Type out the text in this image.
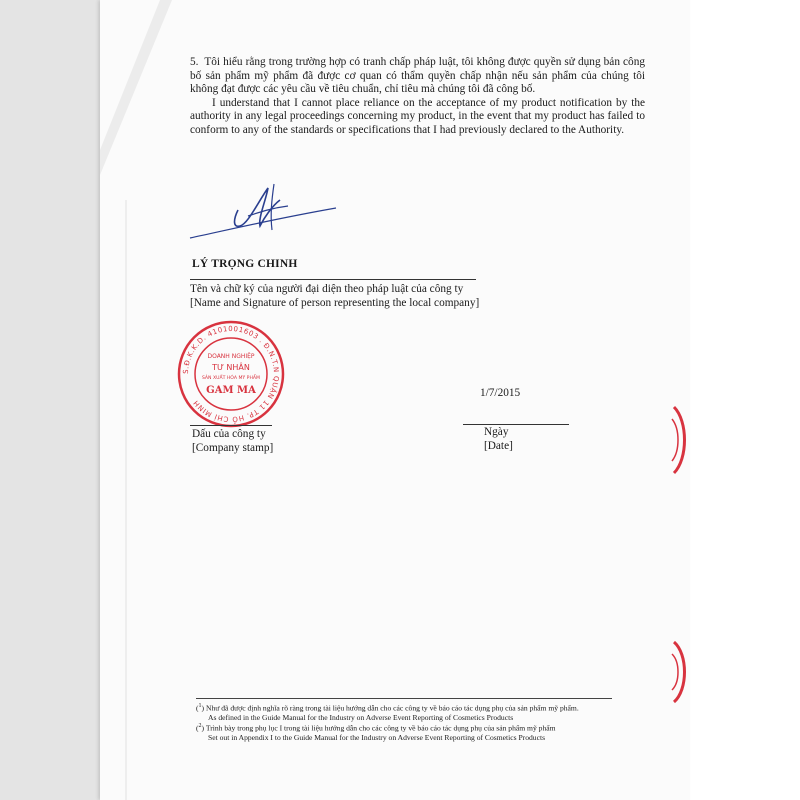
5. Tôi hiểu rằng trong trường hợp có tranh chấp pháp luật, tôi không được quyền sử dụng bản công bố sản phẩm mỹ phẩm đã được cơ quan có thẩm quyền chấp nhận nếu sản phẩm của chúng tôi không đạt được các yêu cầu về tiêu chuẩn, chỉ tiêu mà chúng tôi đã công bố.
I understand that I cannot place reliance on the acceptance of my product notification by the authority in any legal proceedings concerning my product, in the event that my product has failed to conform to any of the standards or specifications that I had previously declared to the Authority.
LÝ TRỌNG CHINH
Tên và chữ ký của người đại diện theo pháp luật của công ty
[Name and Signature of person representing the local company]
S.Đ.K.K.D. 4101001603 . Đ.N.T.N QUẬN 11 TP. HỒ CHÍ MINH
DOANH NGHIỆP
TƯ NHÂN
SẢN XUẤT HÓA MỸ PHẨM
GAM MA	1/7/2015
Dấu của công ty
[Company stamp]
Ngày
[Date]
($^1$) Như đã được định nghĩa rõ ràng trong tài liệu hướng dẫn cho các công ty về báo cáo tác dụng phụ của sản phẩm mỹ phẩm.
As defined in the Guide Manual for the Industry on Adverse Event Reporting of Cosmetics Products
($^2$) Trình bày trong phụ lục I trong tài liệu hướng dẫn cho các công ty về báo cáo tác dụng phụ của sản phẩm mỹ phẩm
Set out in Appendix I to the Guide Manual for the Industry on Adverse Event Reporting of Cosmetics Products
